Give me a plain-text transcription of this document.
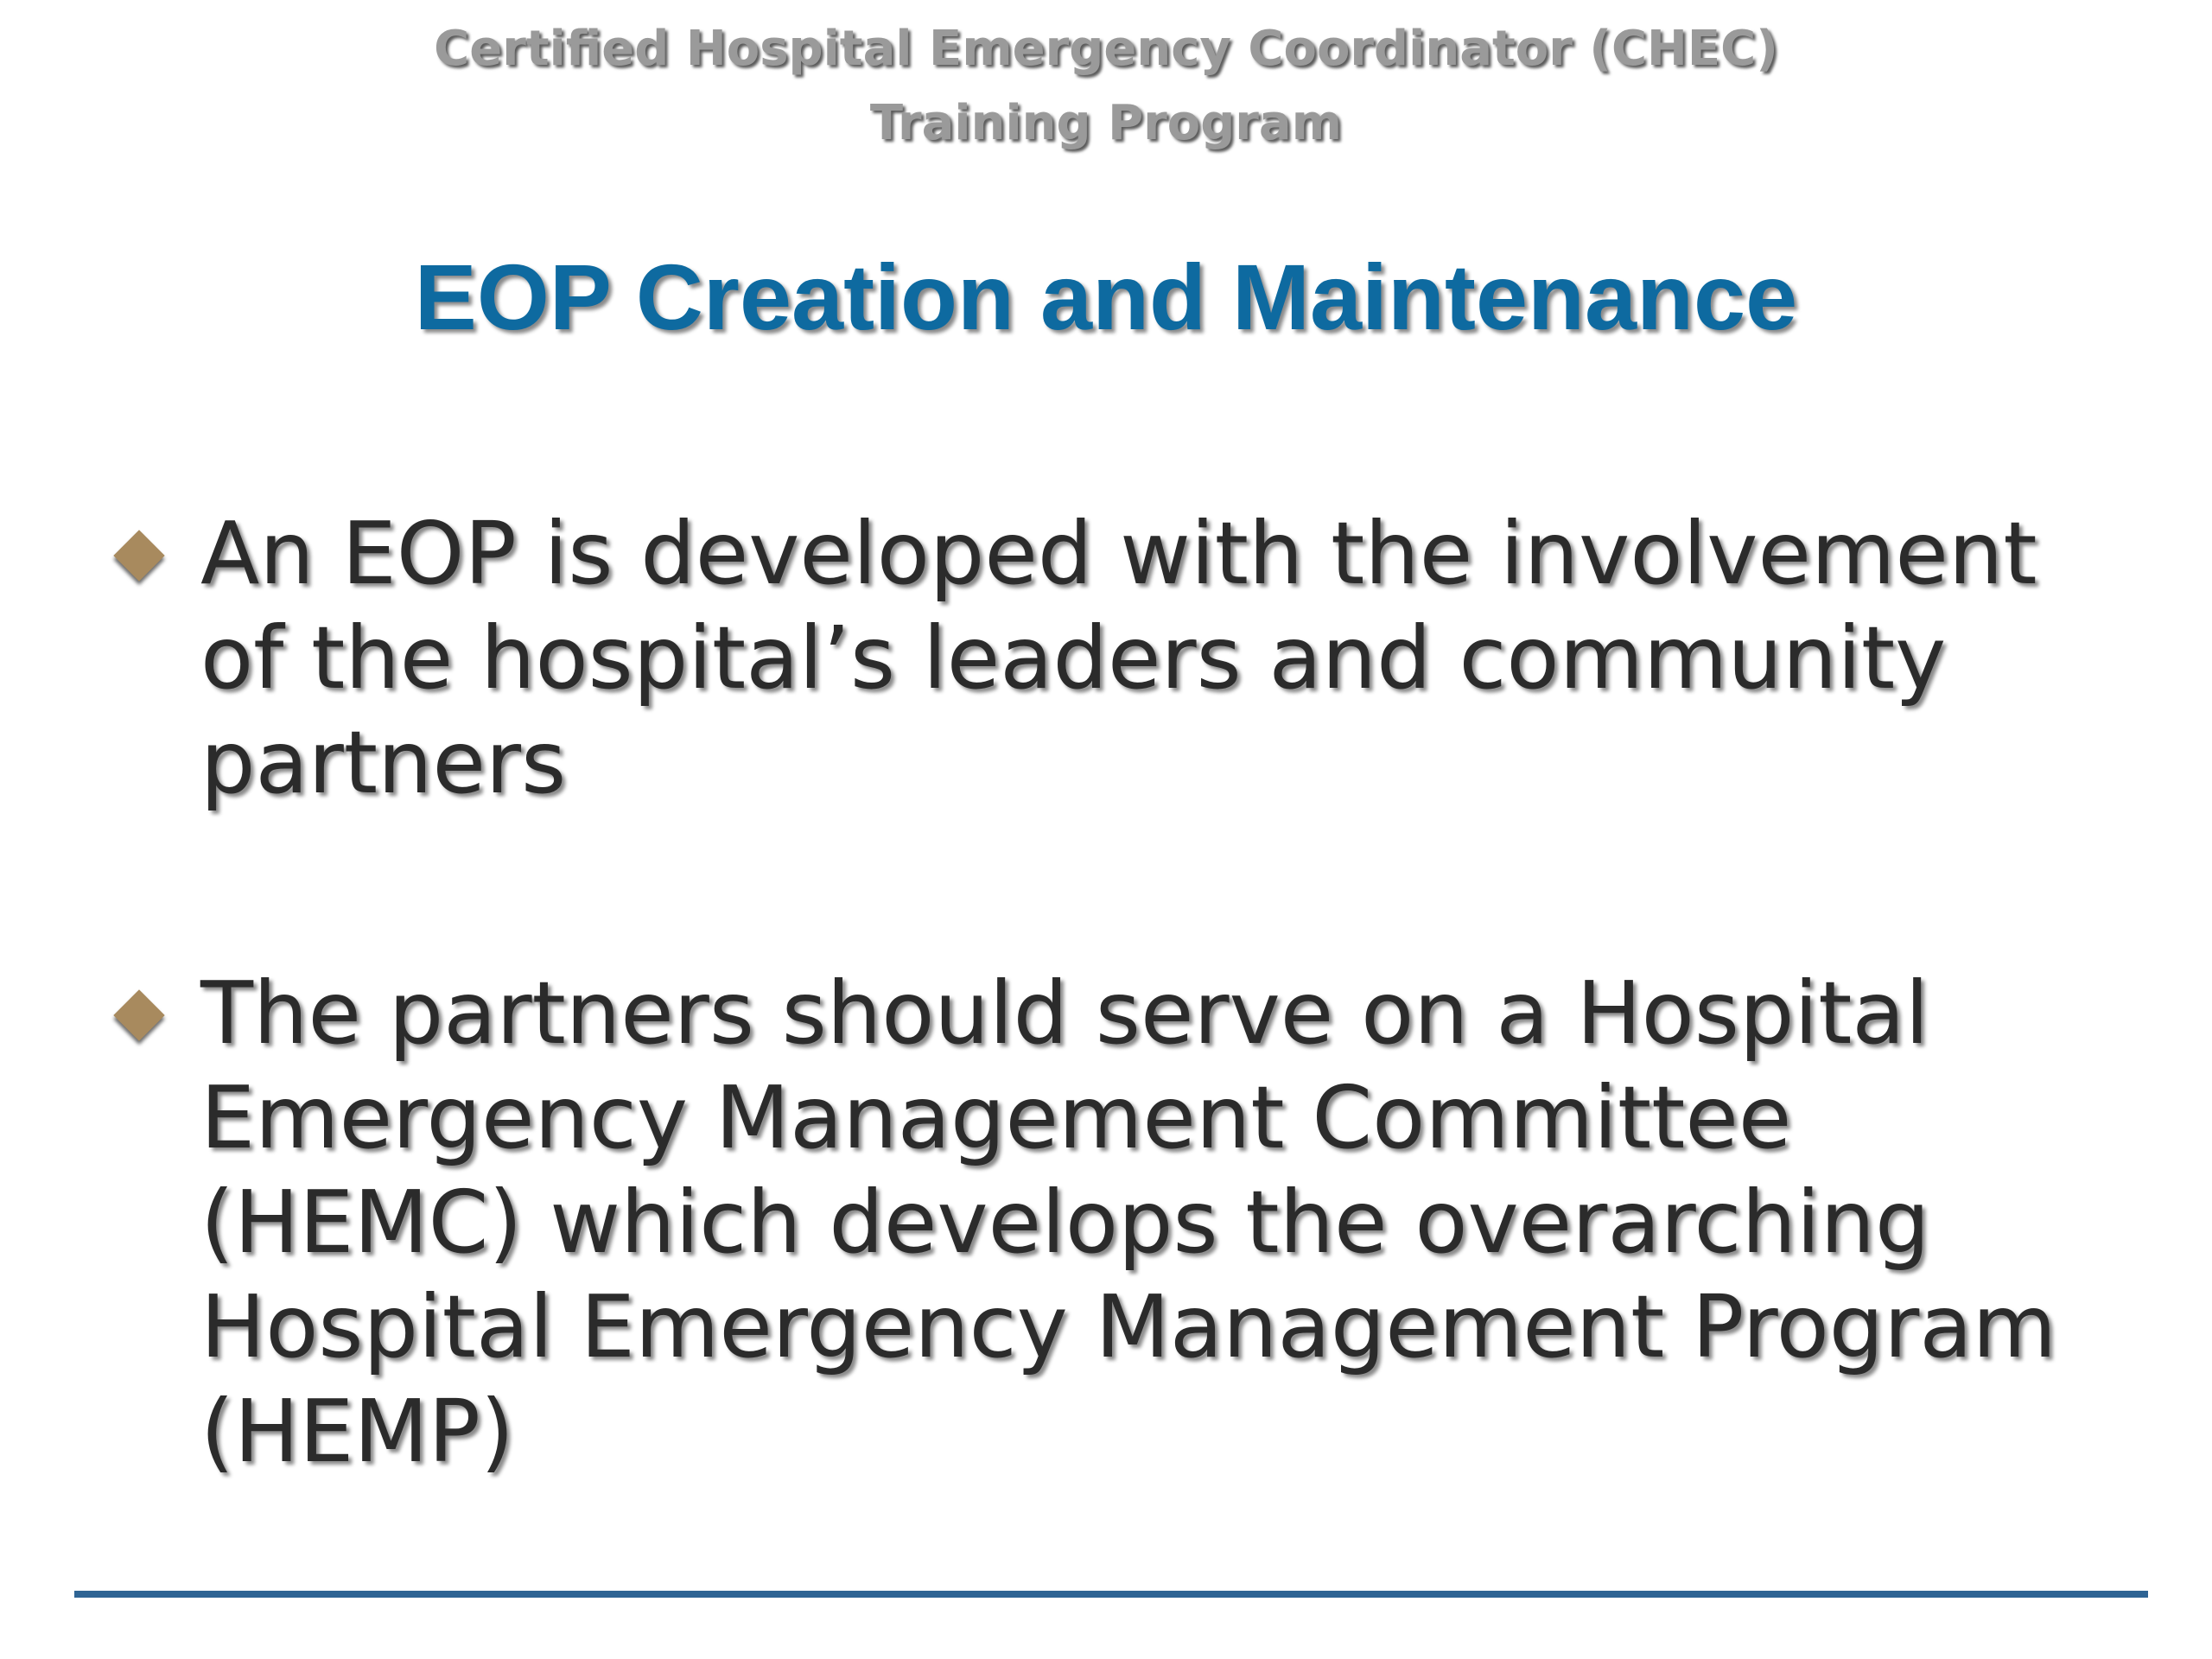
Certified Hospital Emergency Coordinator (CHEC)
Training Program
EOP Creation and Maintenance
An EOP is developed with the involvement
of the hospital’s leaders and community
partners
The partners should serve on a Hospital
Emergency Management Committee
(HEMC) which develops the overarching
Hospital Emergency Management Program
(HEMP)
